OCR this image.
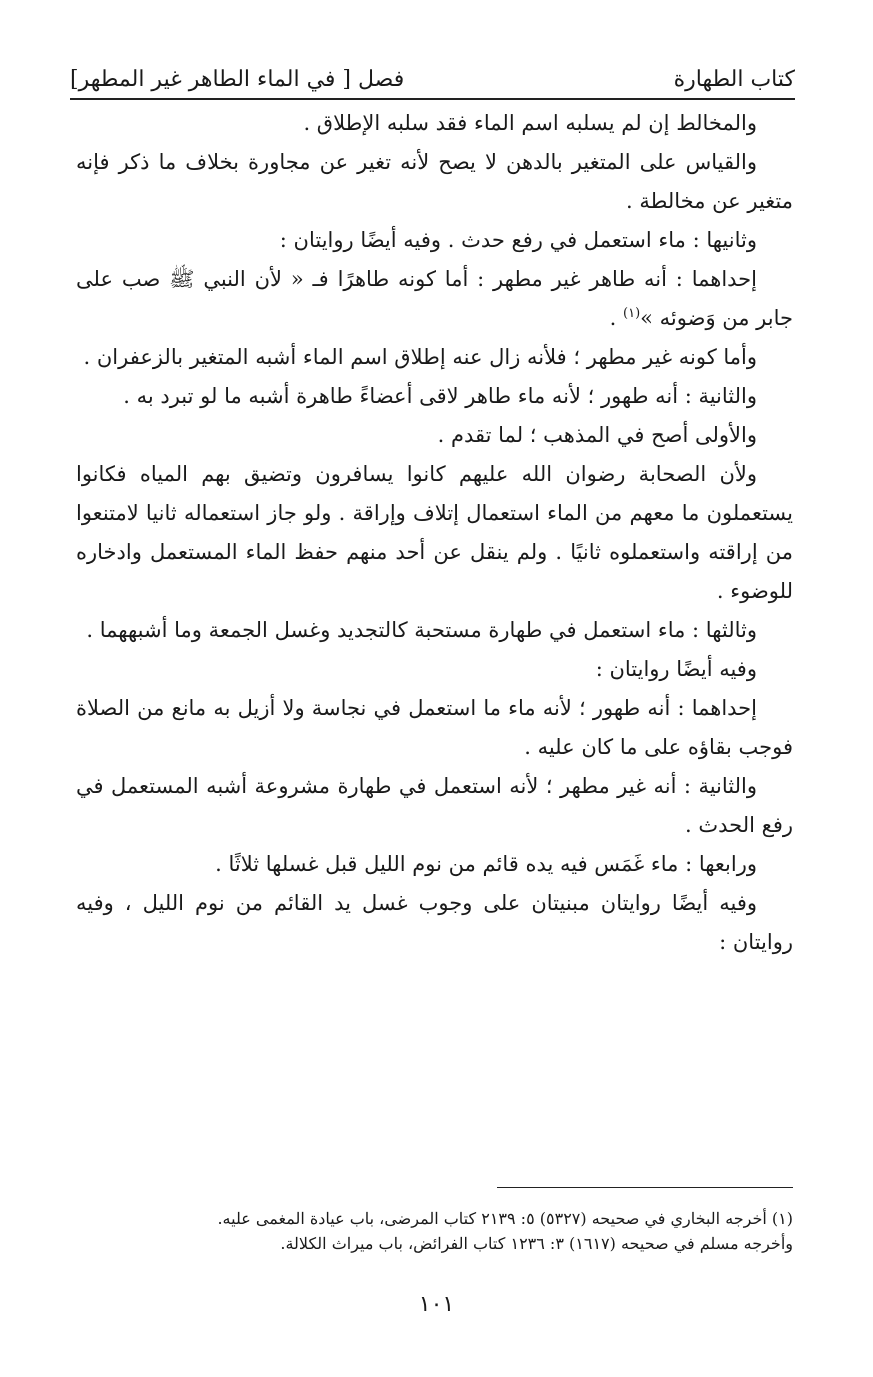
كتاب الطهارة
فصل [ في الماء الطاهر غير المطهر]

والمخالط إن لم يسلبه اسم الماء فقد سلبه الإطلاق .

والقياس على المتغير بالدهن لا يصح لأنه تغير عن مجاورة بخلاف ما ذكر فإنه متغير عن مخالطة .

وثانيها : ماء استعمل في رفع حدث . وفيه أيضًا روايتان :

إحداهما : أنه طاهر غير مطهر : أما كونه طاهرًا فـ « لأن النبي ﷺ صب على جابر من وَضوئه »$^{(١)}$ .

وأما كونه غير مطهر ؛ فلأنه زال عنه إطلاق اسم الماء أشبه المتغير بالزعفران .

والثانية : أنه طهور ؛ لأنه ماء طاهر لاقى أعضاءً طاهرة أشبه ما لو تبرد به .

والأولى أصح في المذهب ؛ لما تقدم .

ولأن الصحابة رضوان الله عليهم كانوا يسافرون وتضيق بهم المياه فكانوا يستعملون ما معهم من الماء استعمال إتلاف وإراقة . ولو جاز استعماله ثانيا لامتنعوا من إراقته واستعملوه ثانيًا . ولم ينقل عن أحد منهم حفظ الماء المستعمل وادخاره للوضوء .

وثالثها : ماء استعمل في طهارة مستحبة كالتجديد وغسل الجمعة وما أشبههما .

وفيه أيضًا روايتان :

إحداهما : أنه طهور ؛ لأنه ماء ما استعمل في نجاسة ولا أزيل به مانع من الصلاة فوجب بقاؤه على ما كان عليه .

والثانية : أنه غير مطهر ؛ لأنه استعمل في طهارة مشروعة أشبه المستعمل في رفع الحدث .

ورابعها : ماء غَمَس فيه يده قائم من نوم الليل قبل غسلها ثلاثًا .

وفيه أيضًا روايتان مبنيتان على وجوب غسل يد القائم من نوم الليل ، وفيه روايتان :

(١) أخرجه البخاري في صحيحه (٥٣٢٧) ٥: ٢١٣٩ كتاب المرضى، باب عيادة المغمى عليه.

وأخرجه مسلم في صحيحه (١٦١٧) ٣: ١٢٣٦ كتاب الفرائض، باب ميراث الكلالة.

١٠١
